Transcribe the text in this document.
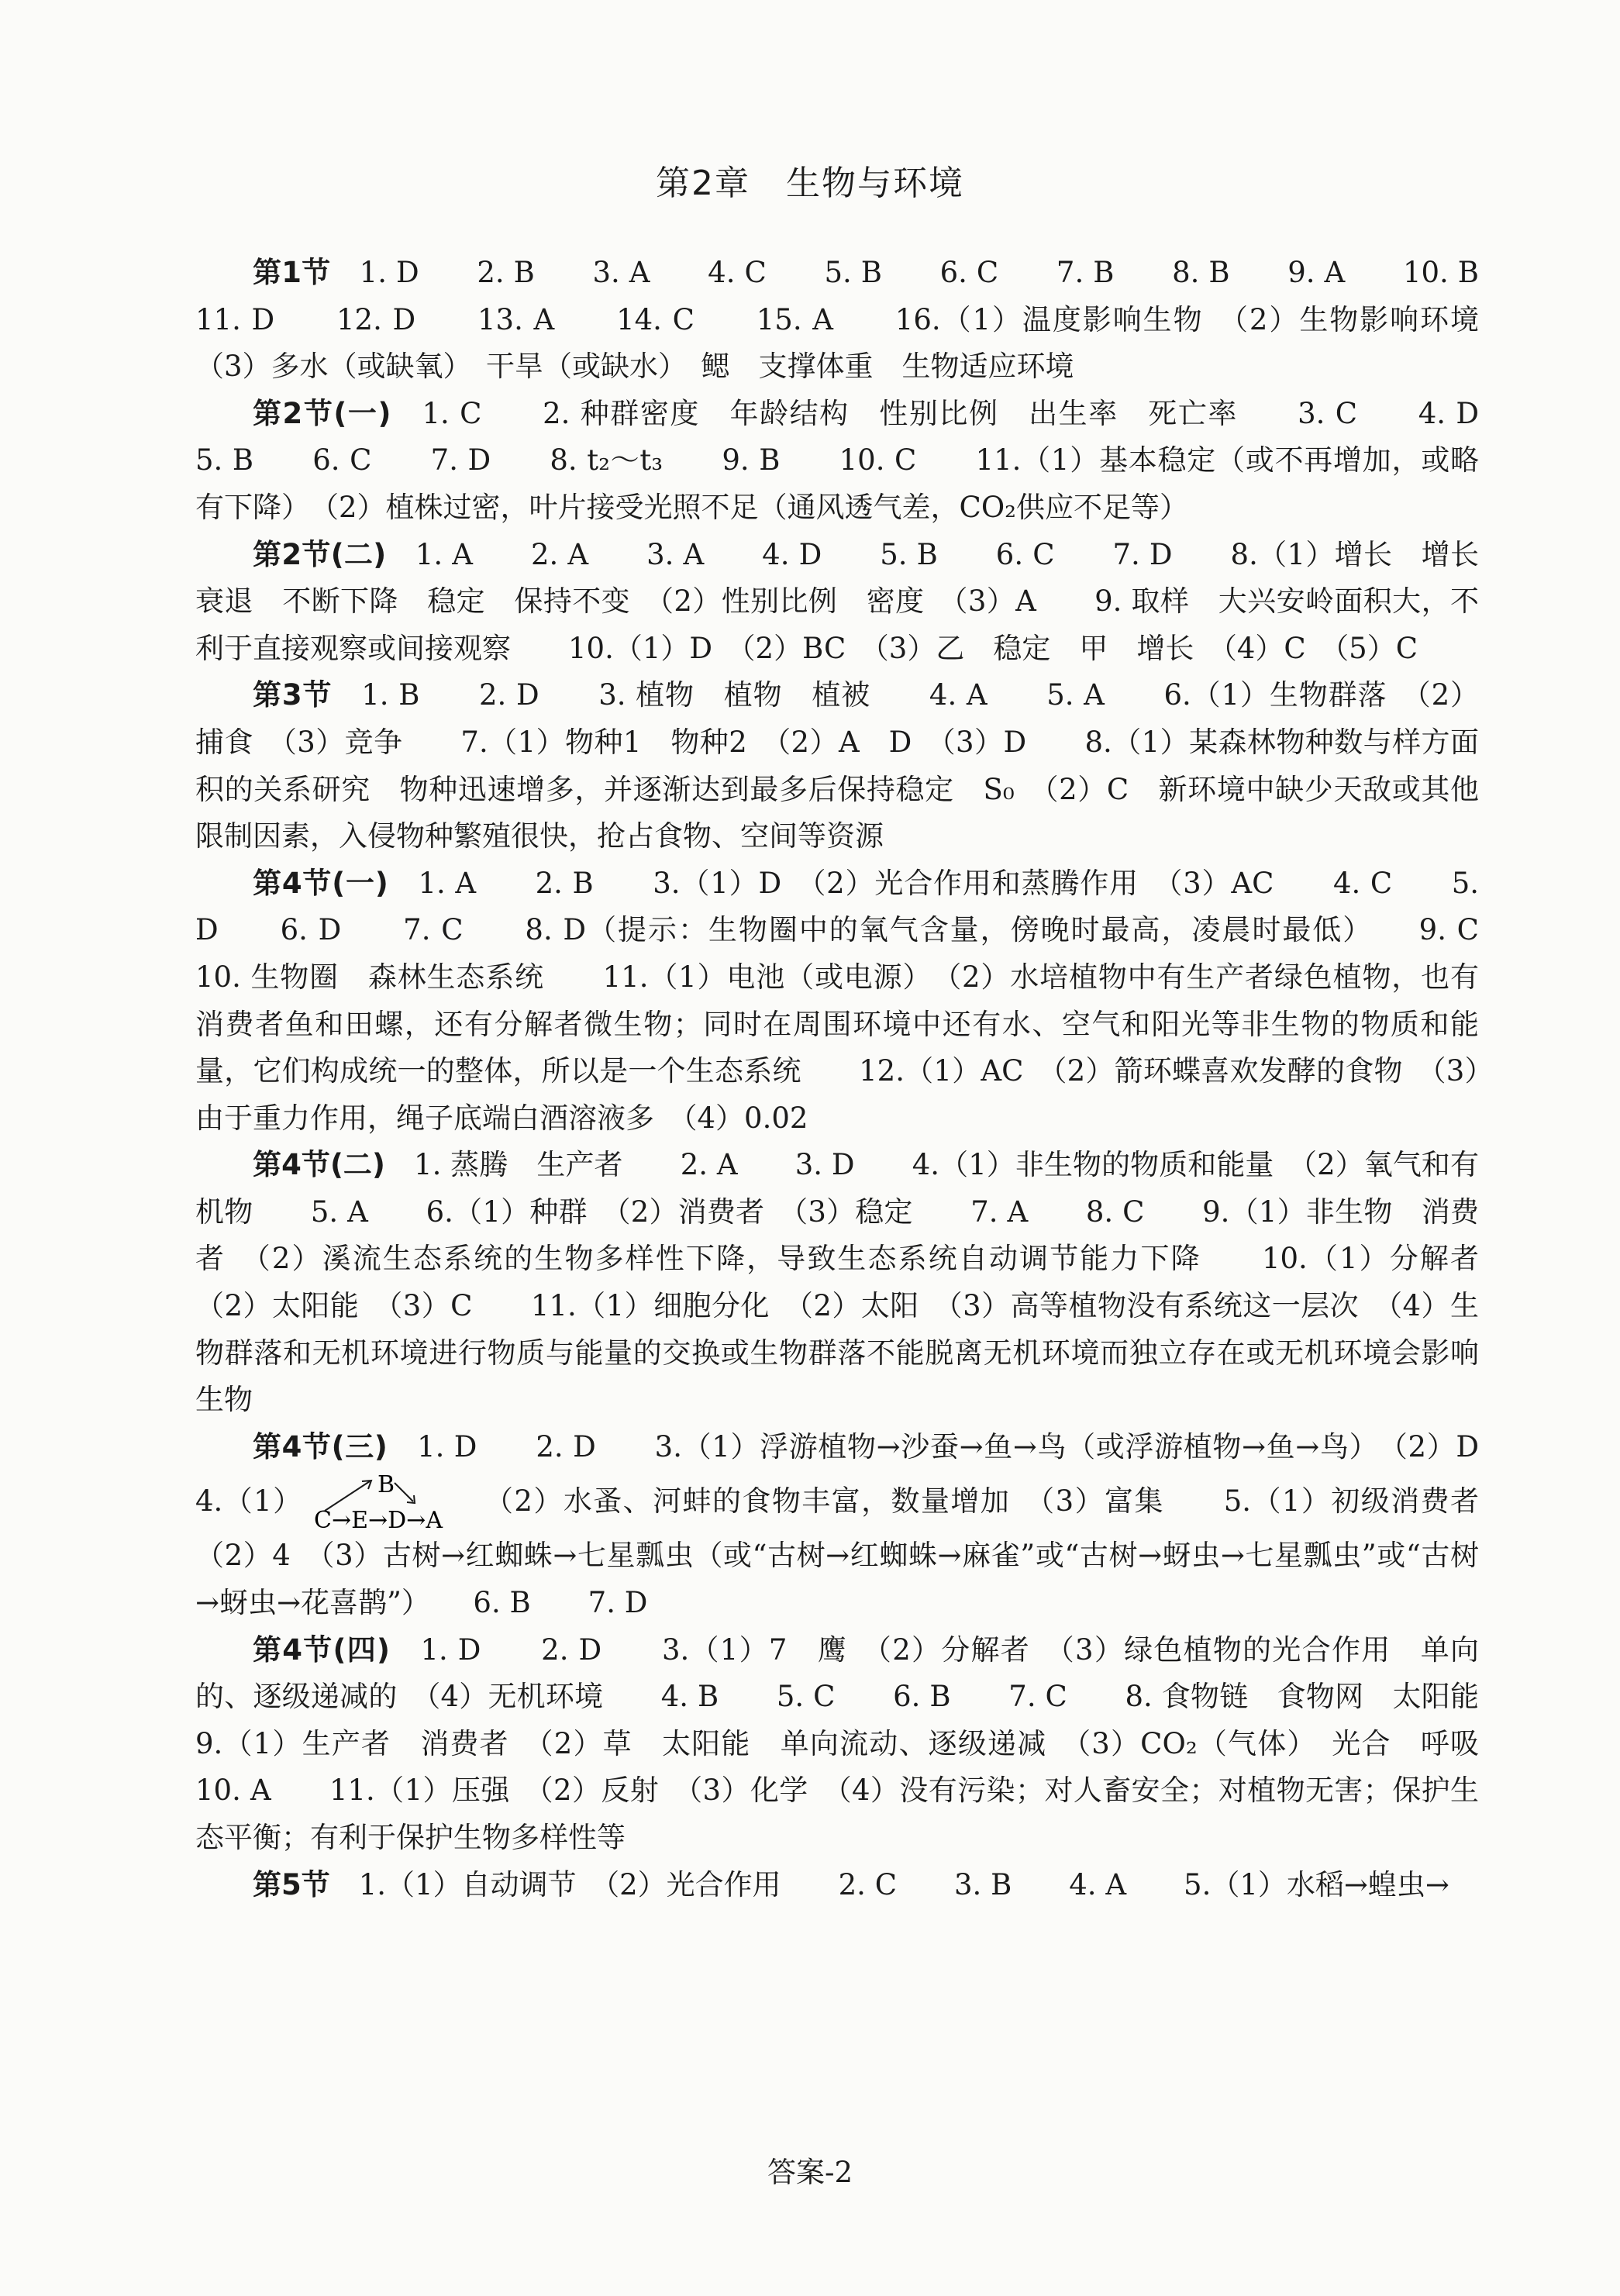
第2章　生物与环境

第1节　 1. D　　2. B　　3. A　　4. C　　5. B　　6. C　　7. B　　8. B　　9. A　　10. B　　11. D　　12. D　　13. A　　14. C　　15. A　　16.（1）温度影响生物　（2）生物影响环境　（3）多水（或缺氧）　干旱（或缺水）　鳃　支撑体重　生物适应环境

第2节(一)　 1. C　　2. 种群密度　年龄结构　性别比例　出生率　死亡率　　3. C　　4. D　　5. B　　6. C　　7. D　　8. t₂～t₃　　9. B　　10. C　　11.（1）基本稳定（或不再增加，或略有下降）　（2）植株过密，叶片接受光照不足（通风透气差，CO₂供应不足等）

第2节(二)　 1. A　　2. A　　3. A　　4. D　　5. B　　6. C　　7. D　　8.（1）增长　增长　衰退　不断下降　稳定　保持不变　（2）性别比例　密度　（3）A　　9. 取样　大兴安岭面积大，不利于直接观察或间接观察　　10.（1）D　（2）BC　（3）乙　稳定　甲　增长　（4）C　（5）C

第3节　 1. B　　2. D　　3. 植物　植物　植被　　4. A　　5. A　　6.（1）生物群落　（2）捕食　（3）竞争　　7.（1）物种1　物种2　（2）A　D　（3）D　　8.（1）某森林物种数与样方面积的关系研究　物种迅速增多，并逐渐达到最多后保持稳定　S₀　（2）C　新环境中缺少天敌或其他限制因素，入侵物种繁殖很快，抢占食物、空间等资源

第4节(一)　 1. A　　2. B　　3.（1）D　（2）光合作用和蒸腾作用　（3）AC　　4. C　　5. D　　6. D　　7. C　　8. D（提示：生物圈中的氧气含量，傍晚时最高，凌晨时最低）　　9. C　　10. 生物圈　森林生态系统　　11.（1）电池（或电源）　（2）水培植物中有生产者绿色植物，也有消费者鱼和田螺，还有分解者微生物；同时在周围环境中还有水、空气和阳光等非生物的物质和能量，它们构成统一的整体，所以是一个生态系统　　12.（1）AC　（2）箭环蝶喜欢发酵的食物　（3）由于重力作用，绳子底端白酒溶液多　（4）0.02

第4节(二)　 1. 蒸腾　生产者　　2. A　　3. D　　4.（1）非生物的物质和能量　（2）氧气和有机物　　5. A　　6.（1）种群　（2）消费者　（3）稳定　　7. A　　8. C　　9.（1）非生物　消费者　（2）溪流生态系统的生物多样性下降，导致生态系统自动调节能力下降　　10.（1）分解者　（2）太阳能　（3）C　　11.（1）细胞分化　（2）太阳　（3）高等植物没有系统这一层次　（4）生物群落和无机环境进行物质与能量的交换或生物群落不能脱离无机环境而独立存在或无机环境会影响生物

第4节(三)　 1. D　　2. D　　3.（1）浮游植物→沙蚕→鱼→鸟（或浮游植物→鱼→鸟）　（2）D　　4.（1）	B
C→E→D→A
（2）水蚤、河蚌的食物丰富，数量增加　（3）富集　　5.（1）初级消费者　（2）4　（3）古树→红蜘蛛→七星瓢虫（或“古树→红蜘蛛→麻雀”或“古树→蚜虫→七星瓢虫”或“古树→蚜虫→花喜鹊”）　　6. B　　7. D

第4节(四)　 1. D　　2. D　　3.（1）7　鹰　（2）分解者　（3）绿色植物的光合作用　单向的、逐级递减的　（4）无机环境　　4. B　　5. C　　6. B　　7. C　　8. 食物链　食物网　太阳能　　9.（1）生产者　消费者　（2）草　太阳能　单向流动、逐级递减　（3）CO₂（气体）　光合　呼吸　　10. A　　11.（1）压强　（2）反射　（3）化学　（4）没有污染；对人畜安全；对植物无害；保护生态平衡；有利于保护生物多样性等

第5节　 1.（1）自动调节　（2）光合作用　　2. C　　3. B　　4. A　　5.（1）水稻→蝗虫→

答案-2
